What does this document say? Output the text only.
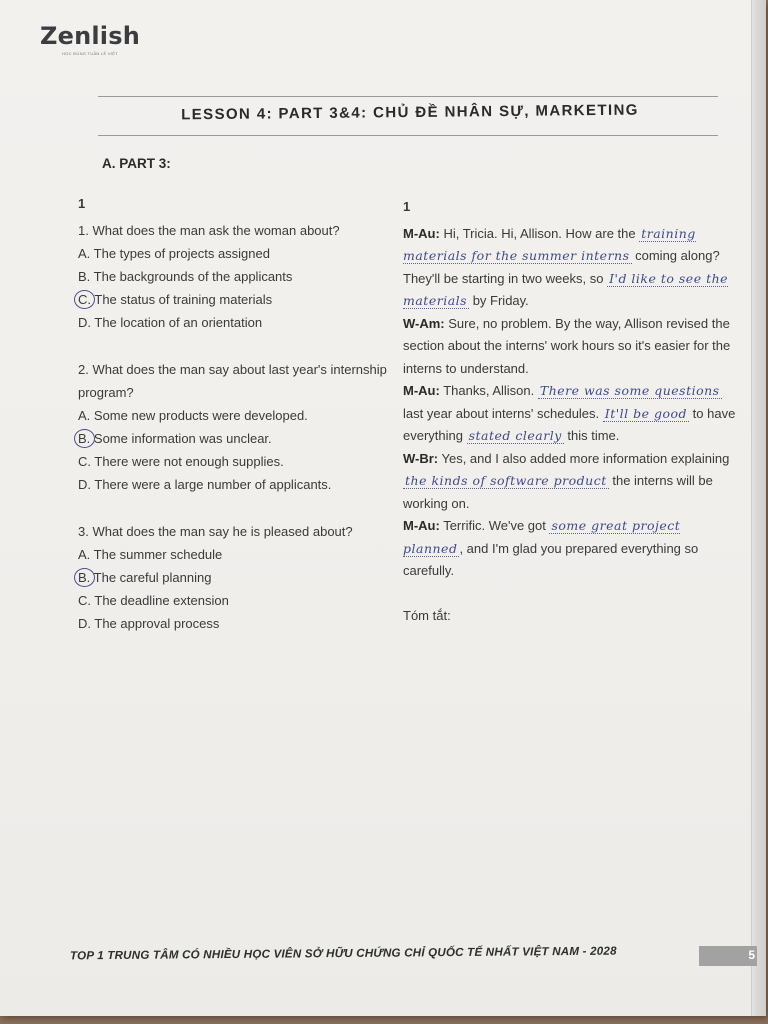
Zenlish
HỌC ĐÚNG TUẦN LỄ VIỆT
LESSON 4: PART 3&4: CHỦ ĐỀ NHÂN SỰ, MARKETING
A. PART 3:
1

1. What does the man ask the woman about?

A. The types of projects assigned
B. The backgrounds of the applicants
C. The status of training materials
D. The location of an orientation

2. What does the man say about last year's internship program?

A. Some new products were developed.
B. Some information was unclear.
C. There were not enough supplies.
D. There were a large number of applicants.

3. What does the man say he is pleased about?

A. The summer schedule
B. The careful planning
C. The deadline extension
D. The approval process
1
M-Au: Hi, Tricia. Hi, Allison. How are the training materials for the summer interns coming along? They'll be starting in two weeks, so I'd like to see the materials by Friday.
W-Am: Sure, no problem. By the way, Allison revised the section about the interns' work hours so it's easier for the interns to understand.
M-Au: Thanks, Allison. There was some questions last year about interns' schedules. It'll be good to have everything stated clearly this time.
W-Br: Yes, and I also added more information explaining the kinds of software product the interns will be working on.
M-Au: Terrific. We've got some great project planned , and I'm glad you prepared everything so carefully.
Tóm tắt:
TOP 1 TRUNG TÂM CÓ NHIỀU HỌC VIÊN SỞ HỮU CHỨNG CHỈ QUỐC TẾ NHẤT VIỆT NAM - 2028	5
